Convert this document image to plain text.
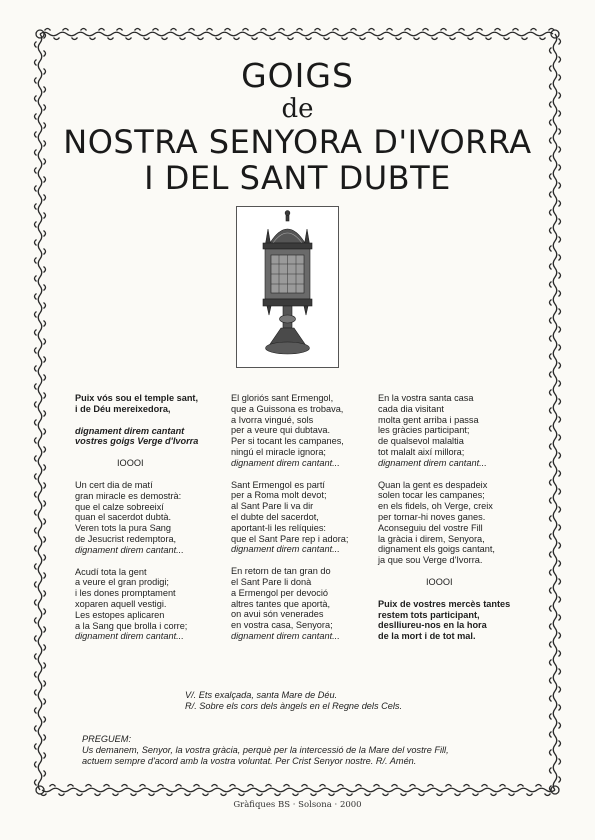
GOIGS
de
NOSTRA SENYORA D'IVORRA
I DEL SANT DUBTE
Puix vós sou el temple sant,
i de Déu mereixedora,
dignament direm cantant
vostres goigs Verge d'Ivorra
IOOOI
Un cert dia de matí
gran miracle es demostrà:
que el calze sobreeixí
quan el sacerdot dubtà.
Veren tots la pura Sang
de Jesucrist redemptora,
dignament direm cantant...
Acudí tota la gent
a veure el gran prodigi;
i les dones promptament
xoparen aquell vestigi.
Les estopes aplicaren
a la Sang que brolla i corre;
dignament direm cantant...
El gloriós sant Ermengol,
que a Guissona es trobava,
a Ivorra vingué, sols
per a veure qui dubtava.
Per si tocant les campanes,
ningú el miracle ignora;
dignament direm cantant...
Sant Ermengol es partí
per a Roma molt devot;
al Sant Pare li va dir
el dubte del sacerdot,
aportant-li les relíquies:
que el Sant Pare rep i adora;
dignament direm cantant...
En retorn de tan gran do
el Sant Pare li donà
a Ermengol per devoció
altres tantes que aportà,
on avui són venerades
en vostra casa, Senyora;
dignament direm cantant...
En la vostra santa casa
cada dia visitant
molta gent arriba i passa
les gràcies participant;
de qualsevol malaltia
tot malalt així millora;
dignament direm cantant...
Quan la gent es despadeix
solen tocar les campanes;
en els fidels, oh Verge, creix
per tornar-hi noves ganes.
Aconseguiu del vostre Fill
la gràcia i direm, Senyora,
dignament els goigs cantant,
ja que sou Verge d'Ivorra.
IOOOI
Puix de vostres mercès tantes
restem tots participant,
deslliureu-nos en la hora
de la mort i de tot mal.
V/. Ets exalçada, santa Mare de Déu.
R/. Sobre els cors dels àngels en el Regne dels Cels.
PREGUEM:
Us demanem, Senyor, la vostra gràcia, perquè per la intercessió de la Mare del vostre Fill,
actuem sempre d'acord amb la vostra voluntat. Per Crist Senyor nostre. R/. Amén.
Gràfiques BS · Solsona · 2000
